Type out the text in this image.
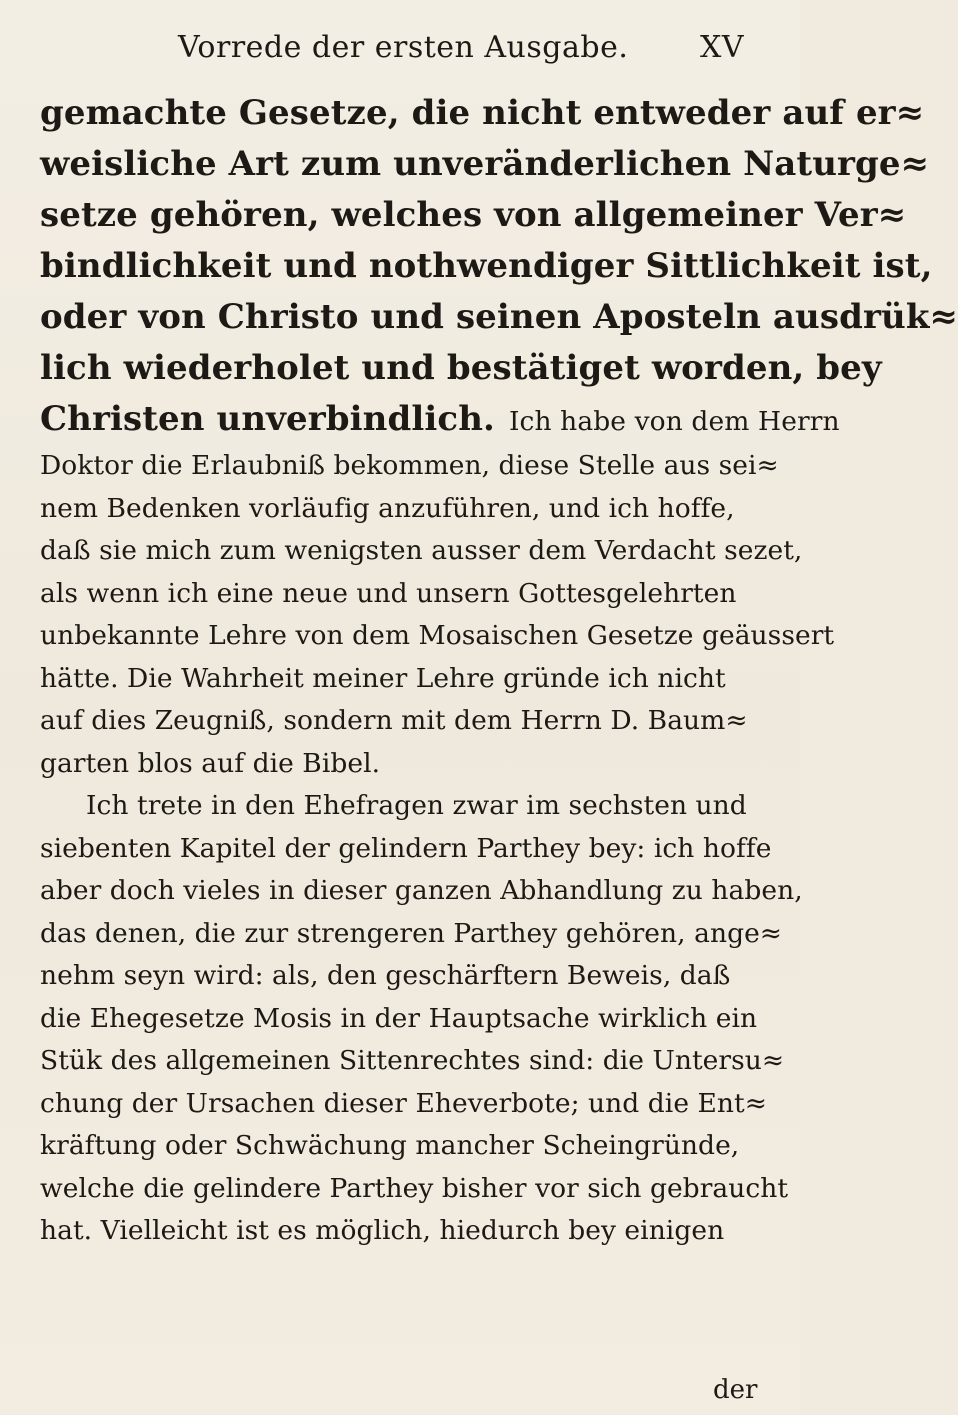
Vorrede der ersten Ausgabe. XV
gemachte Gesetze, die nicht entweder auf er≈
weisliche Art zum unveränderlichen Naturge≈
setze gehören, welches von allgemeiner Ver≈
bindlichkeit und nothwendiger Sittlichkeit ist,
oder von Christo und seinen Aposteln ausdrük≈
lich wiederholet und bestätiget worden, bey
Christen unverbindlich. Ich habe von dem Herrn
Doktor die Erlaubniß bekommen, diese Stelle aus sei≈
nem Bedenken vorläufig anzuführen, und ich hoffe,
daß sie mich zum wenigsten ausser dem Verdacht sezet,
als wenn ich eine neue und unsern Gottesgelehrten
unbekannte Lehre von dem Mosaischen Gesetze geäussert
hätte. Die Wahrheit meiner Lehre gründe ich nicht
auf dies Zeugniß, sondern mit dem Herrn D. Baum≈
garten blos auf die Bibel.
Ich trete in den Ehefragen zwar im sechsten und
siebenten Kapitel der gelindern Parthey bey: ich hoffe
aber doch vieles in dieser ganzen Abhandlung zu haben,
das denen, die zur strengeren Parthey gehören, ange≈
nehm seyn wird: als, den geschärftern Beweis, daß
die Ehegesetze Mosis in der Hauptsache wirklich ein
Stük des allgemeinen Sittenrechtes sind: die Untersu≈
chung der Ursachen dieser Eheverbote; und die Ent≈
kräftung oder Schwächung mancher Scheingründe,
welche die gelindere Parthey bisher vor sich gebraucht
hat. Vielleicht ist es möglich, hiedurch bey einigen
der
